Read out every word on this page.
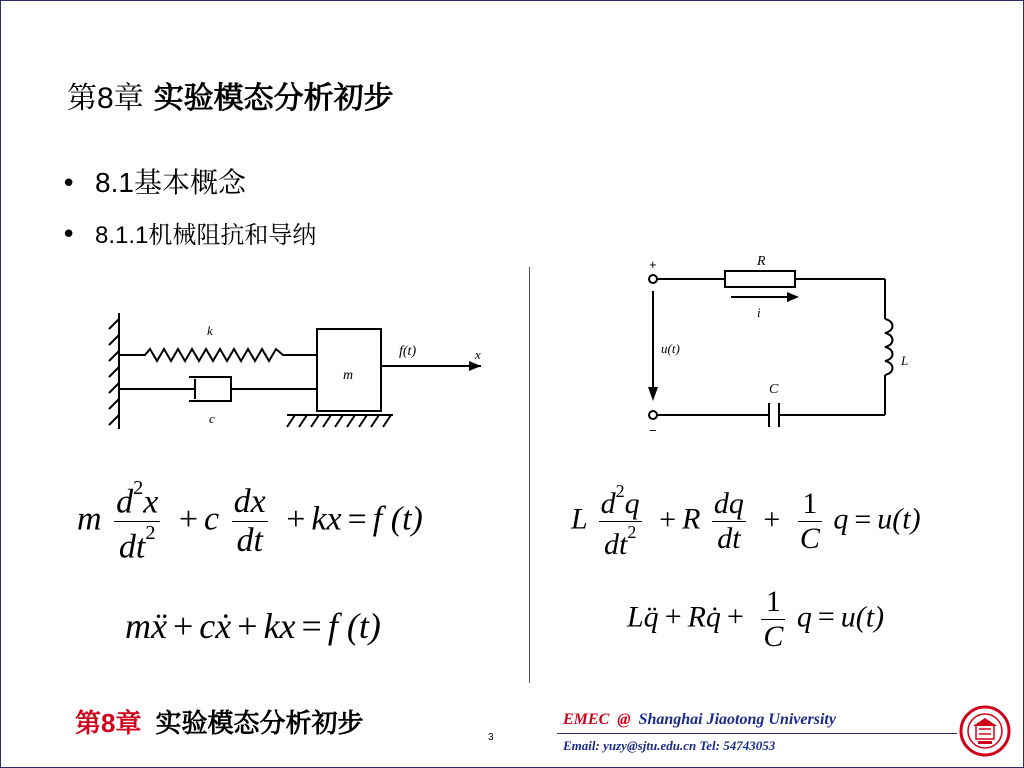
第8章 实验模态分析初步
• 8.1基本概念
• 8.1.1机械阻抗和导纳
k
c
m
f(t)	x
+
−
R
i
u(t)
L
C
m $\frac{d^2x}{dt^2} + c \frac{dx}{dt}$ + kx = f (t)
mẍ + cẋ + kx = f (t)
L $\frac{d^2q}{dt^2} + R \frac{dq}{dt} + \frac{1}{C}$ q = u(t)
Lq̈ + Rq̇ + $\frac{1}{C}$ q = u(t)
第8章 实验模态分析初步	3
EMEC @ Shanghai Jiaotong University
Email: yuzy@sjtu.edu.cn Tel: 54743053
